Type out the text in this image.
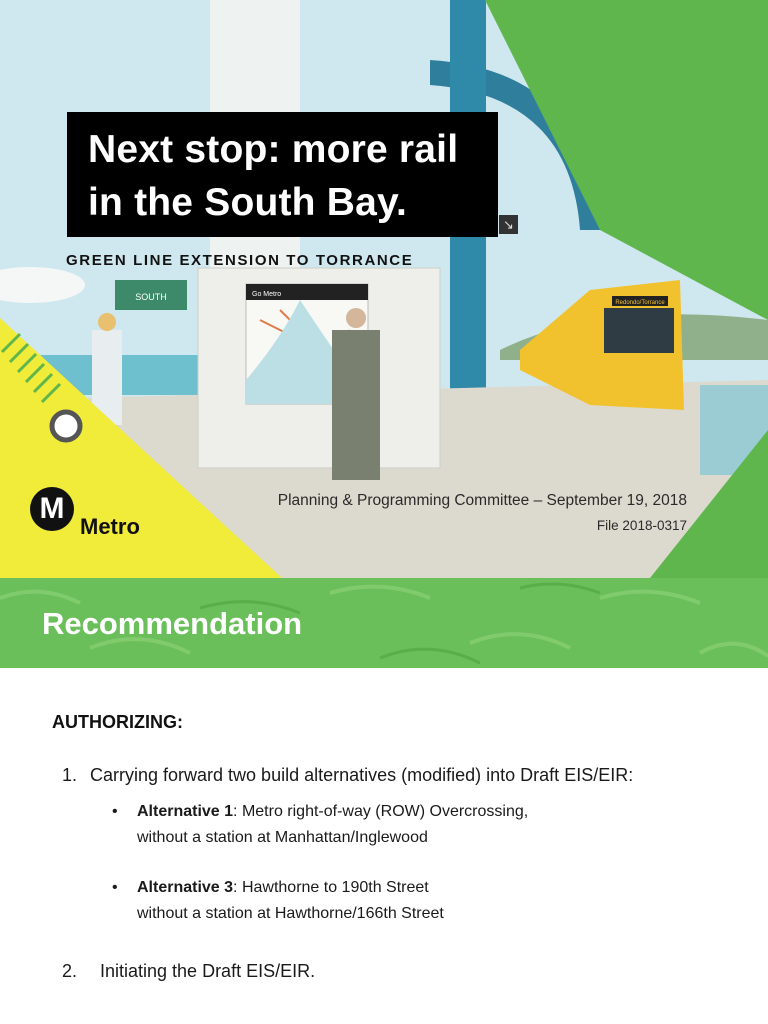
SOUTH	Go Metro
Redondo/Torrance
Next stop: more rail
in the South Bay.
↘
GREEN LINE EXTENSION TO TORRANCE
Planning & Programming Committee – September 19, 2018
File 2018-0317
M
Metro
Recommendation
AUTHORIZING:
1. Carrying forward two build alternatives (modified) into Draft EIS/EIR:
• Alternative 1: Metro right-of-way (ROW) Overcrossing,
without a station at Manhattan/Inglewood
• Alternative 3: Hawthorne to 190th Street
without a station at Hawthorne/166th Street
2. Initiating the Draft EIS/EIR.
